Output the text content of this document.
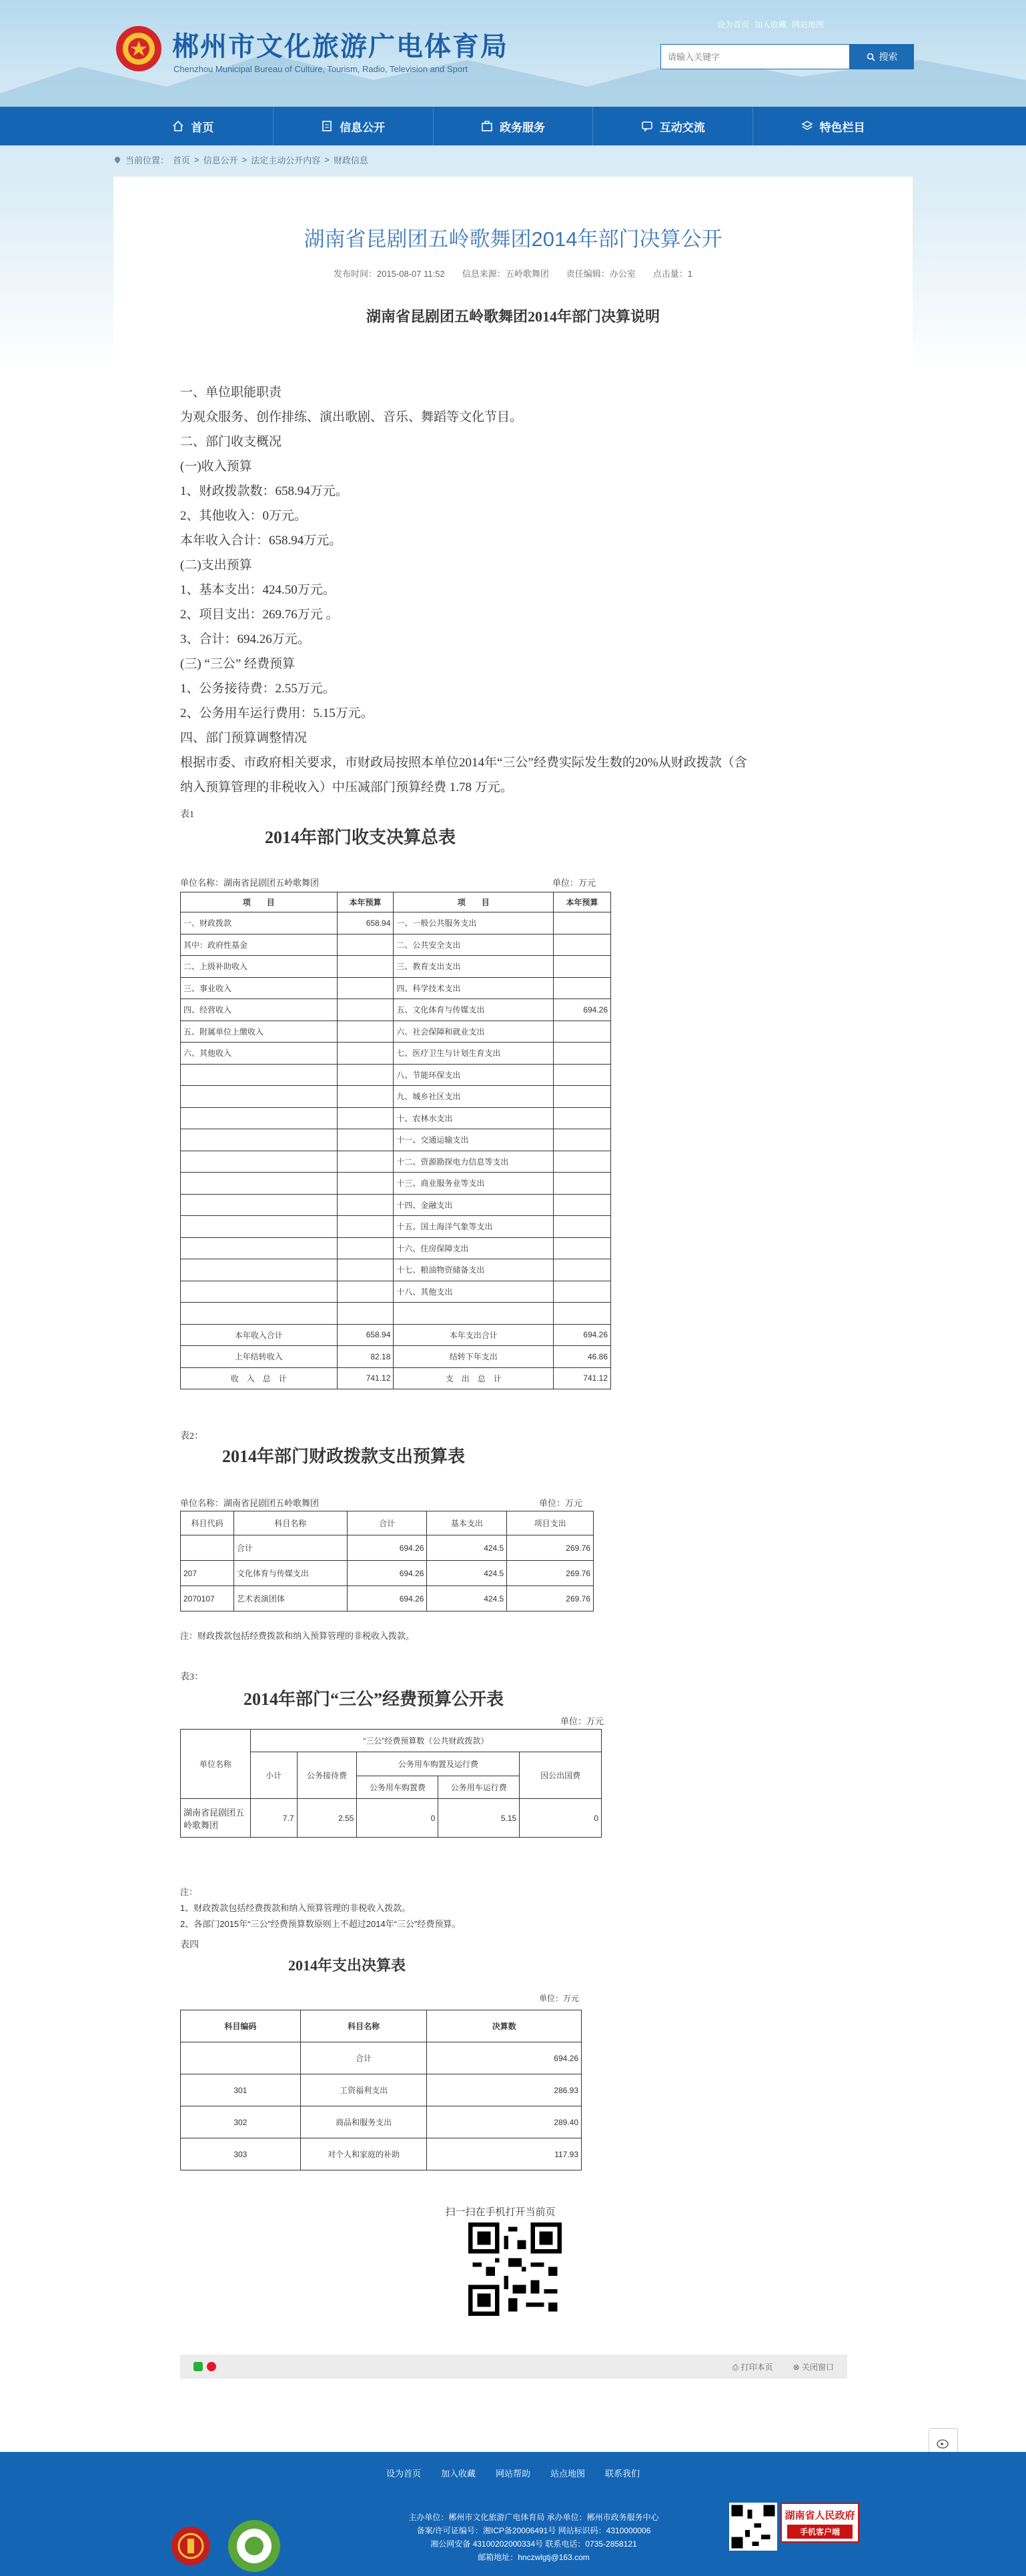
郴州市文化旅游广电体育局
Chenzhou Municipal Bureau of Culture, Tourism, Radio, Television and Sport
设为首页 加入收藏 网站地图
请输入关键字
搜索
首页	信息公开	政务服务	互动交流	特色栏目
当前位置： 首页 > 信息公开 > 法定主动公开内容 > 财政信息
湖南省昆剧团五岭歌舞团2014年部门决算公开
发布时间：2015-08-07 11:52 信息来源：五岭歌舞团 责任编辑：办公室 点击量：1
湖南省昆剧团五岭歌舞团2014年部门决算说明
一、单位职能职责
为观众服务、创作排练、演出歌剧、音乐、舞蹈等文化节目。
二、部门收支概况
(一)收入预算
1、财政拨款数：658.94万元。
2、其他收入：0万元。
本年收入合计：658.94万元。
(二)支出预算
1、基本支出：424.50万元。
2、项目支出：269.76万元 。
3、合计：694.26万元。
(三) “三公” 经费预算
1、公务接待费：2.55万元。
2、公务用车运行费用：5.15万元。
四、部门预算调整情况
根据市委、市政府相关要求，市财政局按照本单位2014年“三公”经费实际发生数的20%从财政拨款（含
纳入预算管理的非税收入）中压减部门预算经费 1.78 万元。
表1
2014年部门收支决算总表
单位名称：湖南省昆剧团五岭歌舞团	单位：万元
项　　目	本年预算	项　　目	本年预算
一、财政拨款	658.94	一、一般公共服务支出	
其中：政府性基金		二、公共安全支出	
二、上级补助收入		三、教育支出支出	
三、事业收入		四、科学技术支出	
四、经营收入		五、文化体育与传媒支出	694.26
五、附属单位上缴收入		六、社会保障和就业支出	
六、其他收入		七、医疗卫生与计划生育支出	
		八、节能环保支出	
		九、城乡社区支出	
		十、农林水支出	
		十一、交通运输支出	
		十二、资源勘探电力信息等支出	
		十三、商业服务业等支出	
		十四、金融支出	
		十五、国土海洋气象等支出	
		十六、住房保障支出	
		十七、粮油物资储备支出	
		十八、其他支出	

本年收入合计	658.94	本年支出合计	694.26
上年结转收入	82.18	结转下年支出	46.86
收　入　总　计	741.12	支　出　总　计	741.12
表2：
2014年部门财政拨款支出预算表
单位名称：湖南省昆剧团五岭歌舞团	单位：万元
科目代码	科目名称	合计	基本支出	项目支出
	合计	694.26	424.5	269.76
207	文化体育与传媒支出	694.26	424.5	269.76
2070107	艺术表演团体	694.26	424.5	269.76
注：财政拨款包括经费拨款和纳入预算管理的非税收入拨款。
表3：
2014年部门“三公”经费预算公开表
单位：万元
单位名称	“三公”经费预算数（公共财政拨款）				
	小计	公务接待费	公务用车购置及运行费		因公出国费
			公务用车购置费	公务用车运行费	
湖南省昆剧团五岭歌舞团	7.7	2.55	0	5.15	0
注：
1、财政拨款包括经费拨款和纳入预算管理的非税收入拨款。
2、各部门2015年“三公”经费预算数原则上不超过2014年“三公”经费预算。
表四
2014年支出决算表
单位：万元
科目编码	科目名称	决算数
	合计	694.26
301	工资福利支出	286.93
302	商品和服务支出	289.40
303	对个人和家庭的补助	117.93
扫一扫在手机打开当前页
⎙ 打印本页	⊗ 关闭窗口
设为首页 加入收藏 网站帮助 站点地图 联系我们
主办单位：郴州市文化旅游广电体育局 承办单位：郴州市政务服务中心
备案/许可证编号：湘ICP备20006491号 网站标识码：4310000006
湘公网安备 43100202000334号 联系电话：0735-2858121
邮箱地址：hnczwlgtj@163.com
湖南省人民政府
手机客户端
